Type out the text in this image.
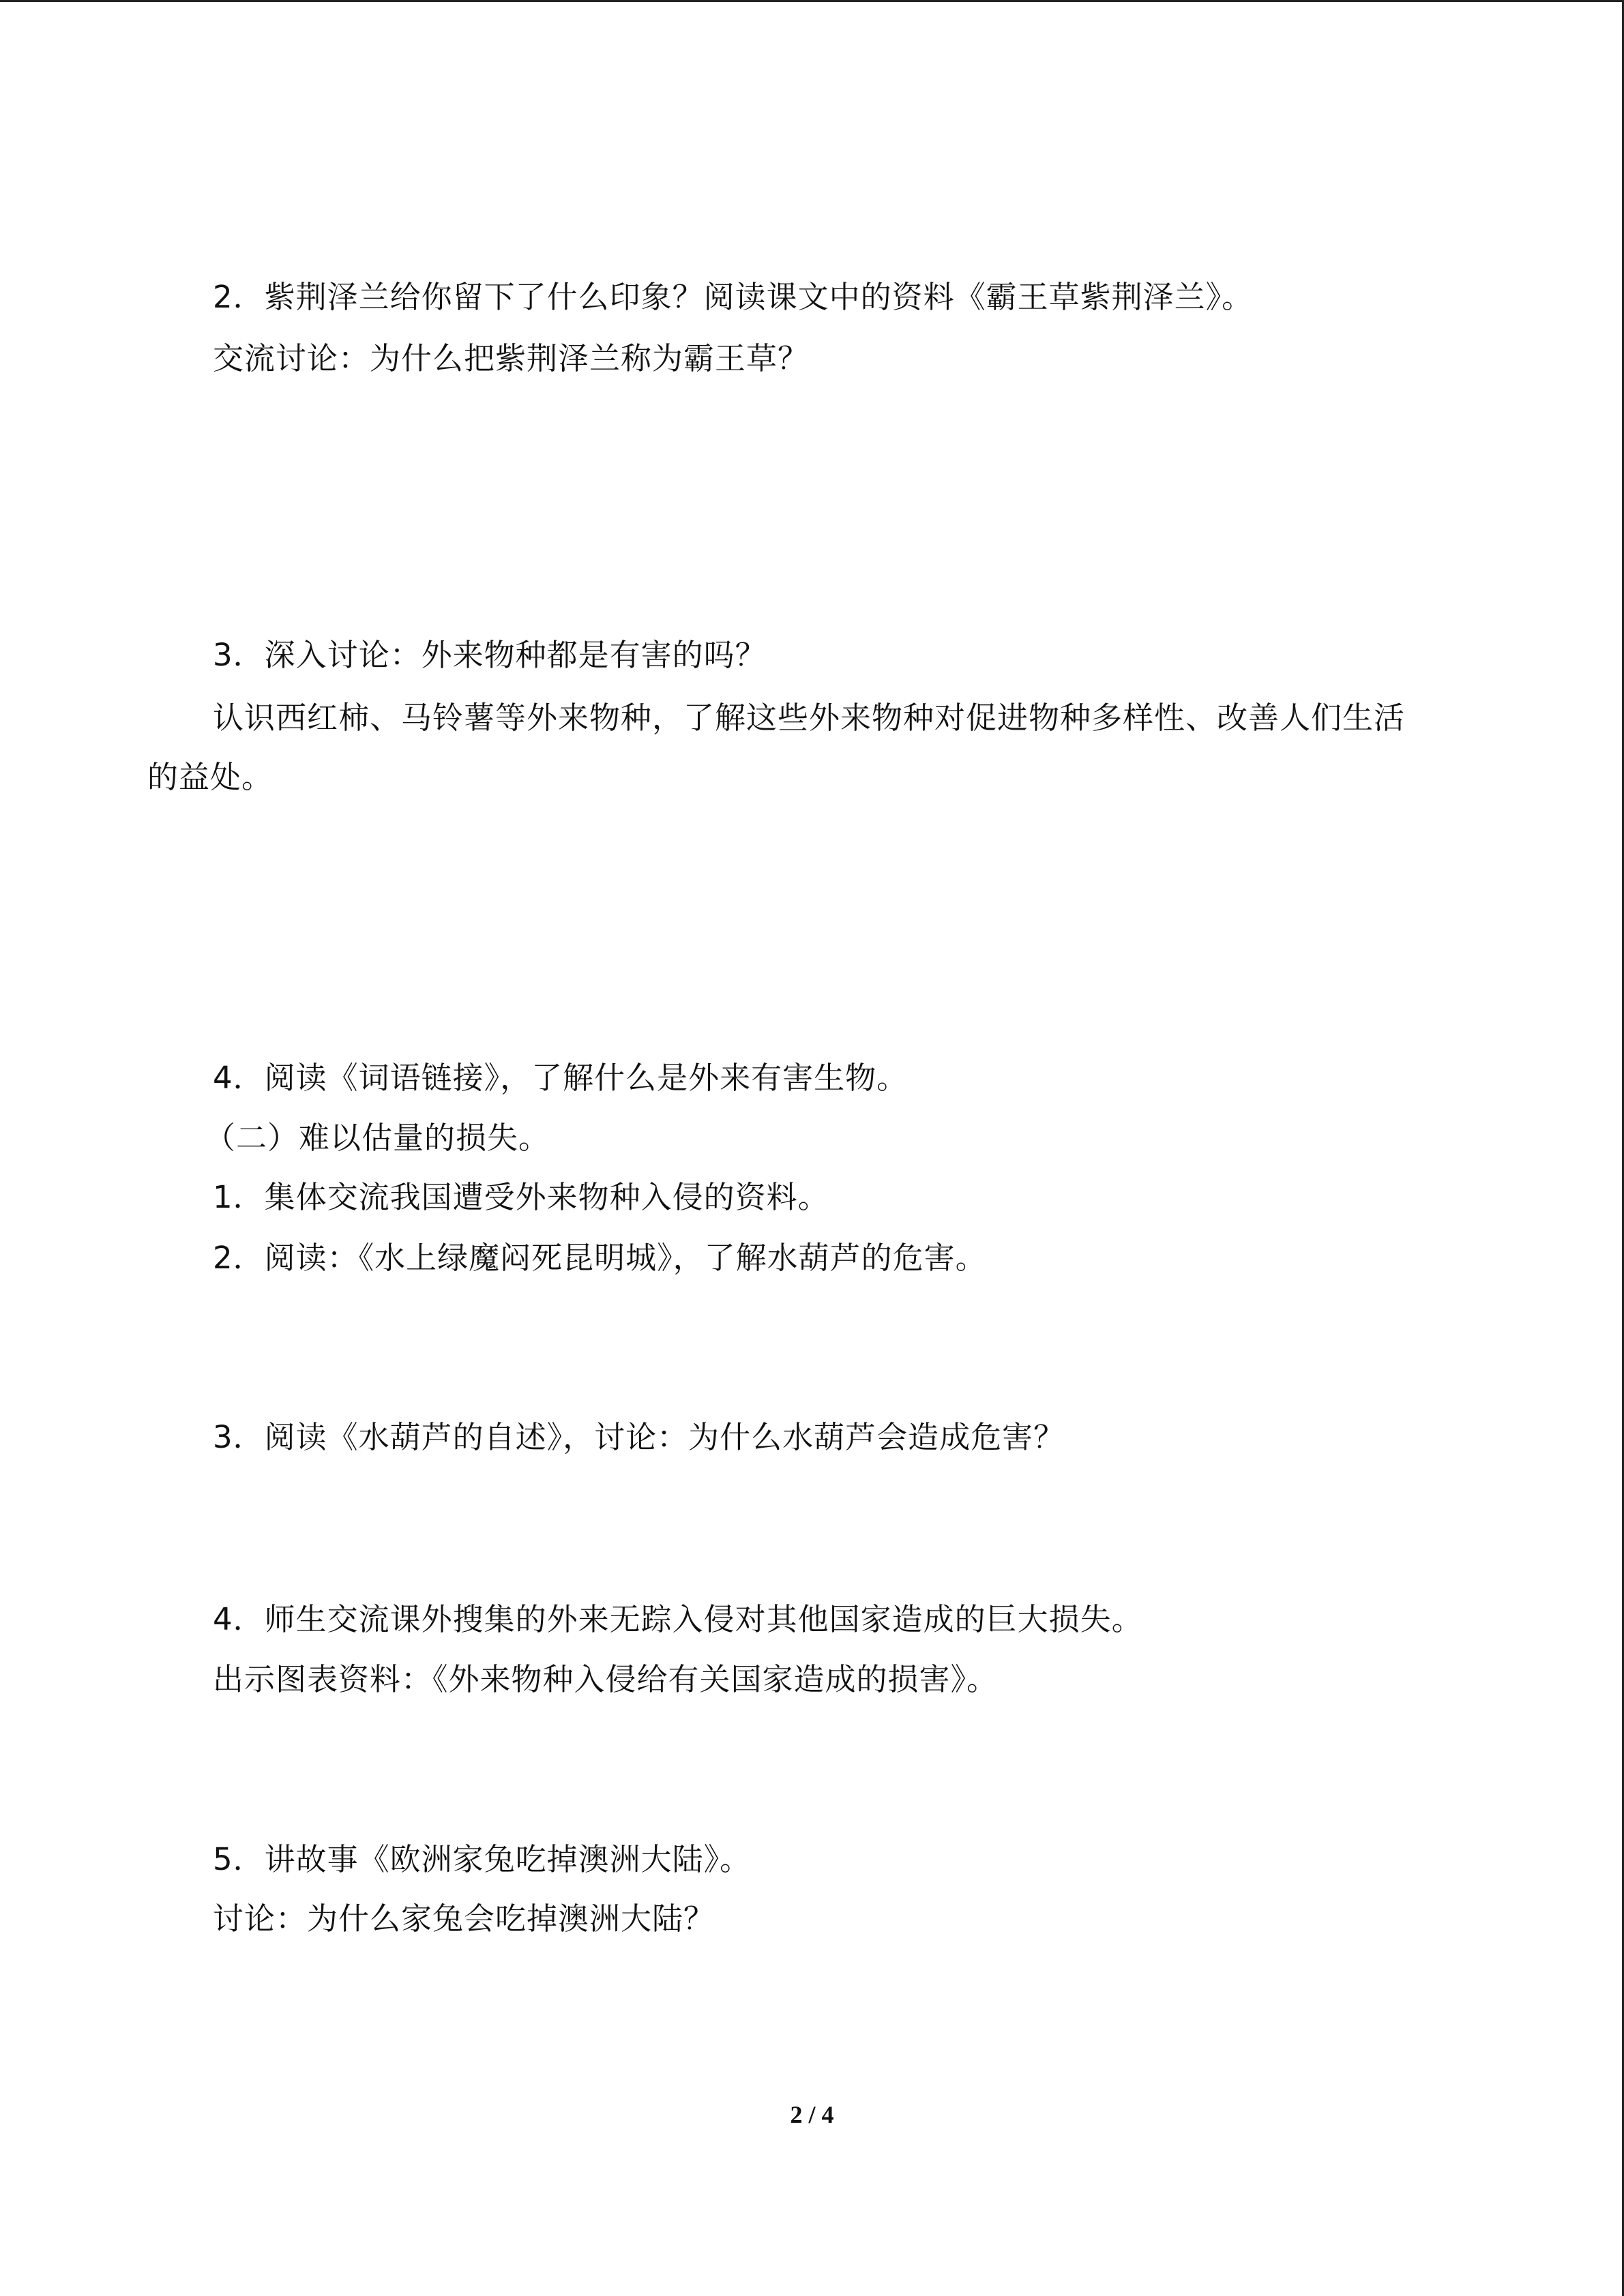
2．紫荆泽兰给你留下了什么印象？阅读课文中的资料《霸王草紫荆泽兰》。
交流讨论：为什么把紫荆泽兰称为霸王草？
3．深入讨论：外来物种都是有害的吗？
认识西红柿、马铃薯等外来物种，了解这些外来物种对促进物种多样性、改善人们生活
的益处。
4．阅读《词语链接》，了解什么是外来有害生物。
（二）难以估量的损失。
1．集体交流我国遭受外来物种入侵的资料。
2．阅读：《水上绿魔闷死昆明城》，了解水葫芦的危害。
3．阅读《水葫芦的自述》，讨论：为什么水葫芦会造成危害？
4．师生交流课外搜集的外来无踪入侵对其他国家造成的巨大损失。
出示图表资料：《外来物种入侵给有关国家造成的损害》。
5．讲故事《欧洲家兔吃掉澳洲大陆》。
讨论：为什么家兔会吃掉澳洲大陆？
2 / 4
